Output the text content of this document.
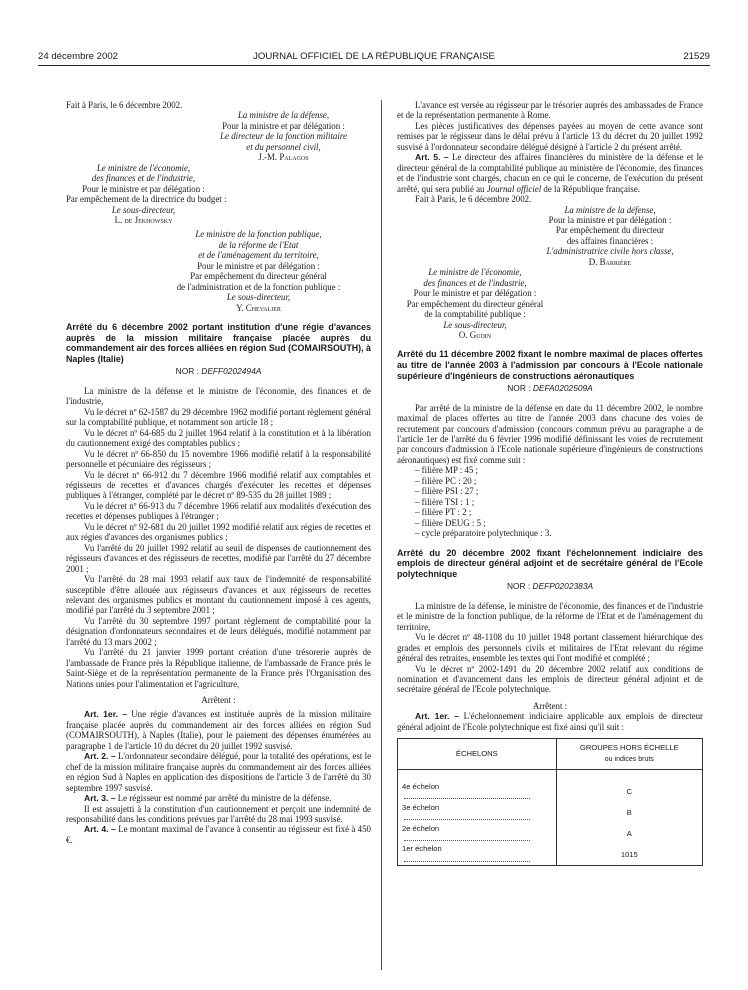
24 décembre 2002	JOURNAL OFFICIEL DE LA RÉPUBLIQUE FRANÇAISE	21529

Fait à Paris, le 6 décembre 2002.

La ministre de la défense,

Pour la ministre et par délégation :

Le directeur de la fonction militaire

et du personnel civil,

J.-M. Palagos

Le ministre de l'économie,

des finances et de l'industrie,

Pour le ministre et par délégation :

Par empêchement de la directrice du budget :

Le sous-directeur,

L. de Jekhowsky

Le ministre de la fonction publique,

de la réforme de l'Etat

et de l'aménagement du territoire,

Pour le ministre et par délégation :

Par empêchement du directeur général

de l'administration et de la fonction publique :

Le sous-directeur,

Y. Chevalier

Arrêté du 6 décembre 2002 portant institution d'une régie d'avances auprès de la mission militaire française placée auprès du commandement air des forces alliées en région Sud (COMAIRSOUTH), à Naples (Italie)

NOR : DEFF0202494A

La ministre de la défense et le ministre de l'économie, des finances et de l'industrie,

Vu le décret nº 62-1587 du 29 décembre 1962 modifié portant règlement général sur la comptabilité publique, et notamment son article 18 ;

Vu le décret nº 64-685 du 2 juillet 1964 relatif à la constitution et à la libération du cautionnement exigé des comptables publics ;

Vu le décret nº 66-850 du 15 novembre 1966 modifié relatif à la responsabilité personnelle et pécuniaire des régisseurs ;

Vu le décret nº 66-912 du 7 décembre 1966 modifié relatif aux comptables et régisseurs de recettes et d'avances chargés d'exécuter les recettes et dépenses publiques à l'étranger, complété par le décret nº 89-535 du 28 juillet 1989 ;

Vu le décret nº 66-913 du 7 décembre 1966 relatif aux modalités d'exécution des recettes et dépenses publiques à l'étranger ;

Vu le décret nº 92-681 du 20 juillet 1992 modifié relatif aux régies de recettes et aux régies d'avances des organismes publics ;

Vu l'arrêté du 20 juillet 1992 relatif au seuil de dispenses de cautionnement des régisseurs d'avances et des régisseurs de recettes, modifié par l'arrêté du 27 décembre 2001 ;

Vu l'arrêté du 28 mai 1993 relatif aux taux de l'indemnité de responsabilité susceptible d'être allouée aux régisseurs d'avances et aux régisseurs de recettes relevant des organismes publics et montant du cautionnement imposé à ces agents, modifié par l'arrêté du 3 septembre 2001 ;

Vu l'arrêté du 30 septembre 1997 portant règlement de comptabilité pour la désignation d'ordonnateurs secondaires et de leurs délégués, modifié notamment par l'arrêté du 13 mars 2002 ;

Vu l'arrêté du 21 janvier 1999 portant création d'une trésorerie auprès de l'ambassade de France près la République italienne, de l'ambassade de France près le Saint-Siège et de la représentation permanente de la France près l'Organisation des Nations unies pour l'alimentation et l'agriculture,

Arrêtent :

Art. 1er. – Une régie d'avances est instituée auprès de la mission militaire française placée auprès du commandement air des forces alliées en région Sud (COMAIRSOUTH), à Naples (Italie), pour le paiement des dépenses énumérées au paragraphe 1 de l'article 10 du décret du 20 juillet 1992 susvisé.

Art. 2. – L'ordonnateur secondaire délégué, pour la totalité des opérations, est le chef de la mission militaire française auprès du commandement air des forces alliées en région Sud à Naples en application des dispositions de l'article 3 de l'arrêté du 30 septembre 1997 susvisé.

Art. 3. – Le régisseur est nommé par arrêté du ministre de la défense.

Il est assujetti à la constitution d'un cautionnement et perçoit une indemnité de responsabilité dans les conditions prévues par l'arrêté du 28 mai 1993 susvisé.

Art. 4. – Le montant maximal de l'avance à consentir au régisseur est fixé à 450 €.

L'avance est versée au régisseur par le trésorier auprès des ambassades de France et de la représentation permanente à Rome.

Les pièces justificatives des dépenses payées au moyen de cette avance sont remises par le régisseur dans le délai prévu à l'article 13 du décret du 20 juillet 1992 susvisé à l'ordonnateur secondaire délégué désigné à l'article 2 du présent arrêté.

Art. 5. – Le directeur des affaires financières du ministère de la défense et le directeur général de la comptabilité publique au ministère de l'économie, des finances et de l'industrie sont chargés, chacun en ce qui le concerne, de l'exécution du présent arrêté, qui sera publié au Journal officiel de la République française.

Fait à Paris, le 6 décembre 2002.

La ministre de la défense,

Pour la ministre et par délégation :

Par empêchement du directeur

des affaires financières :

L'administratrice civile hors classe,

D. Barrière

Le ministre de l'économie,

des finances et de l'industrie,

Pour le ministre et par délégation :

Par empêchement du directeur général

de la comptabilité publique :

Le sous-directeur,

O. Gudin

Arrêté du 11 décembre 2002 fixant le nombre maximal de places offertes au titre de l'année 2003 à l'admission par concours à l'Ecole nationale supérieure d'ingénieurs de constructions aéronautiques

NOR : DEFA0202509A

Par arrêté de la ministre de la défense en date du 11 décembre 2002, le nombre maximal de places offertes au titre de l'année 2003 dans chacune des voies de recrutement par concours d'admission (concours commun prévu au paragraphe a de l'article 1er de l'arrêté du 6 février 1996 modifié définissant les voies de recrutement par concours d'admission à l'Ecole nationale supérieure d'ingénieurs de constructions aéronautiques) est fixé comme suit :

– filière MP : 45 ;

– filière PC : 20 ;

– filière PSI : 27 ;

– filière TSI : 1 ;

– filière PT : 2 ;

– filière DEUG : 5 ;

– cycle préparatoire polytechnique : 3.

Arrêté du 20 décembre 2002 fixant l'échelonnement indiciaire des emplois de directeur général adjoint et de secrétaire général de l'Ecole polytechnique

NOR : DEFP0202383A

La ministre de la défense, le ministre de l'économie, des finances et de l'industrie et le ministre de la fonction publique, de la réforme de l'Etat et de l'aménagement du territoire,

Vu le décret nº 48-1108 du 10 juillet 1948 portant classement hiérarchique des grades et emplois des personnels civils et militaires de l'Etat relevant du régime général des retraites, ensemble les textes qui l'ont modifié et complété ;

Vu le décret nº 2002-1491 du 20 décembre 2002 relatif aux conditions de nomination et d'avancement dans les emplois de directeur général adjoint et de secrétaire général de l'Ecole polytechnique.

Arrêtent :

Art. 1er. – L'échelonnement indiciaire applicable aux emplois de directeur général adjoint de l'Ecole polytechnique est fixé ainsi qu'il suit :

ÉCHELONS	GROUPES HORS ÉCHELLE
ou indices bruts

4e échelon	C
3e échelon	B
2e échelon	A
1er échelon	1015
